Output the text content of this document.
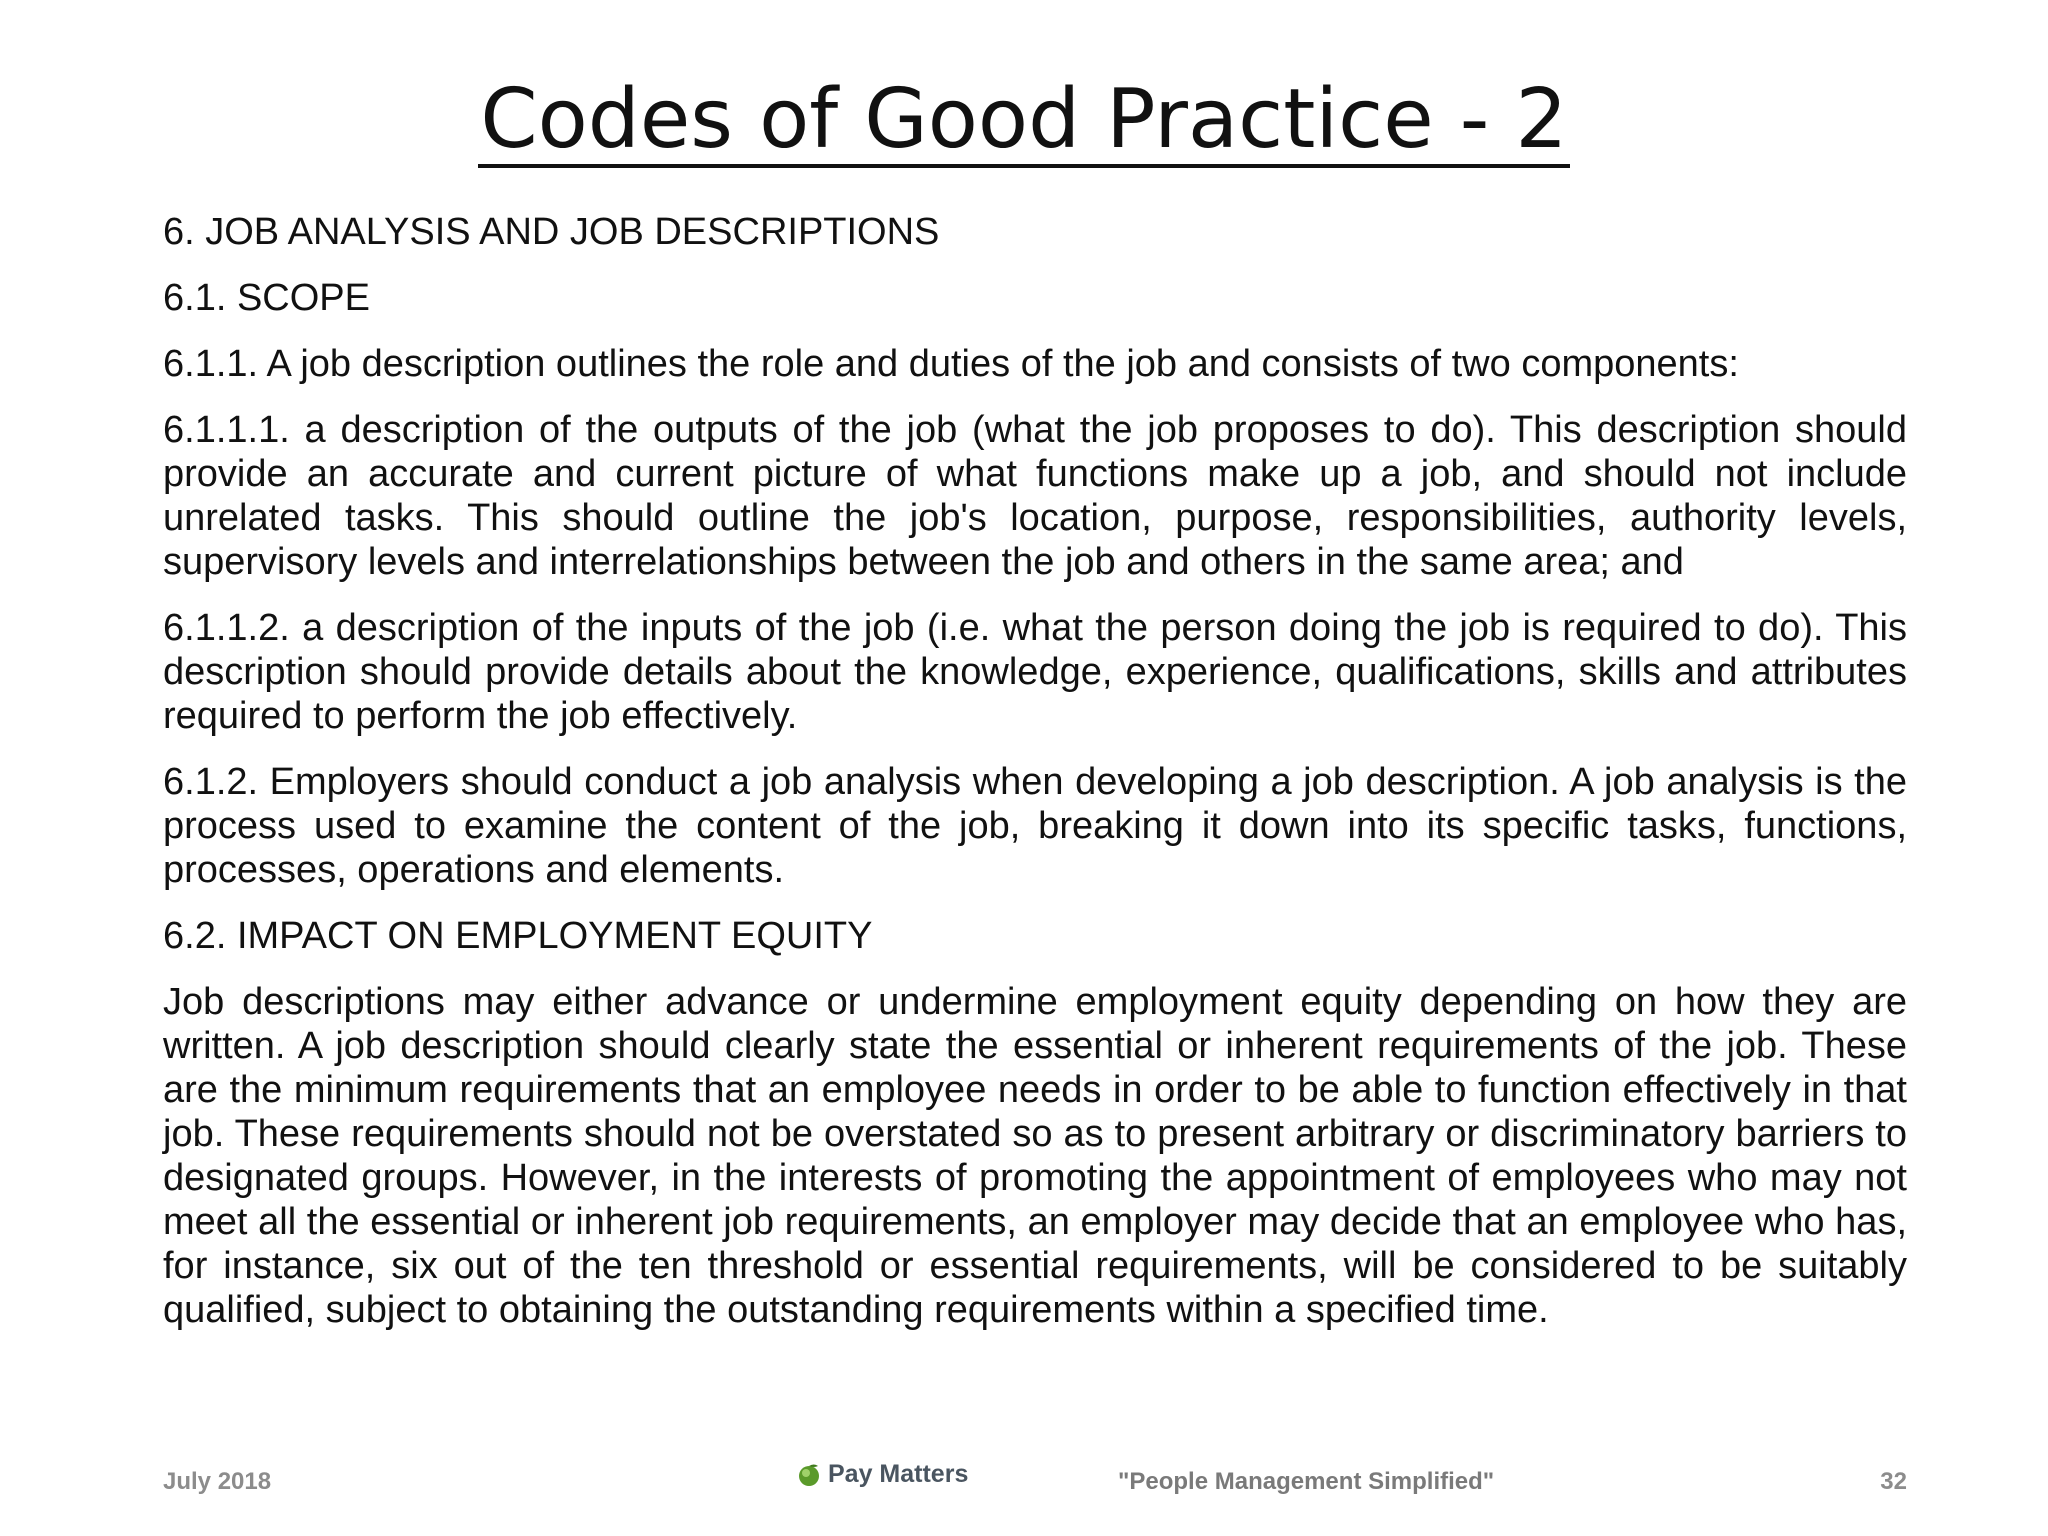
Codes of Good Practice - 2

6. JOB ANALYSIS AND JOB DESCRIPTIONS

6.1. SCOPE

6.1.1. A job description outlines the role and duties of the job and consists of two components:

6.1.1.1. a description of the outputs of the job (what the job proposes to do). This description should provide an accurate and current picture of what functions make up a job, and should not include unrelated tasks. This should outline the job's location, purpose, responsibilities, authority levels, supervisory levels and interrelationships between the job and others in the same area; and

6.1.1.2. a description of the inputs of the job (i.e. what the person doing the job is required to do). This description should provide details about the knowledge, experience, qualifications, skills and attributes required to perform the job effectively.

6.1.2. Employers should conduct a job analysis when developing a job description. A job analysis is the process used to examine the content of the job, breaking it down into its specific tasks, functions, processes, operations and elements.

6.2. IMPACT ON EMPLOYMENT EQUITY

Job descriptions may either advance or undermine employment equity depending on how they are written. A job description should clearly state the essential or inherent requirements of the job. These are the minimum requirements that an employee needs in order to be able to function effectively in that job. These requirements should not be overstated so as to present arbitrary or discriminatory barriers to designated groups. However, in the interests of promoting the appointment of employees who may not meet all the essential or inherent job requirements, an employer may decide that an employee who has, for instance, six out of the ten threshold or essential requirements, will be considered to be suitably qualified, subject to obtaining the outstanding requirements within a specified time.

July 2018	Pay Matters	"People Management Simplified"	32
